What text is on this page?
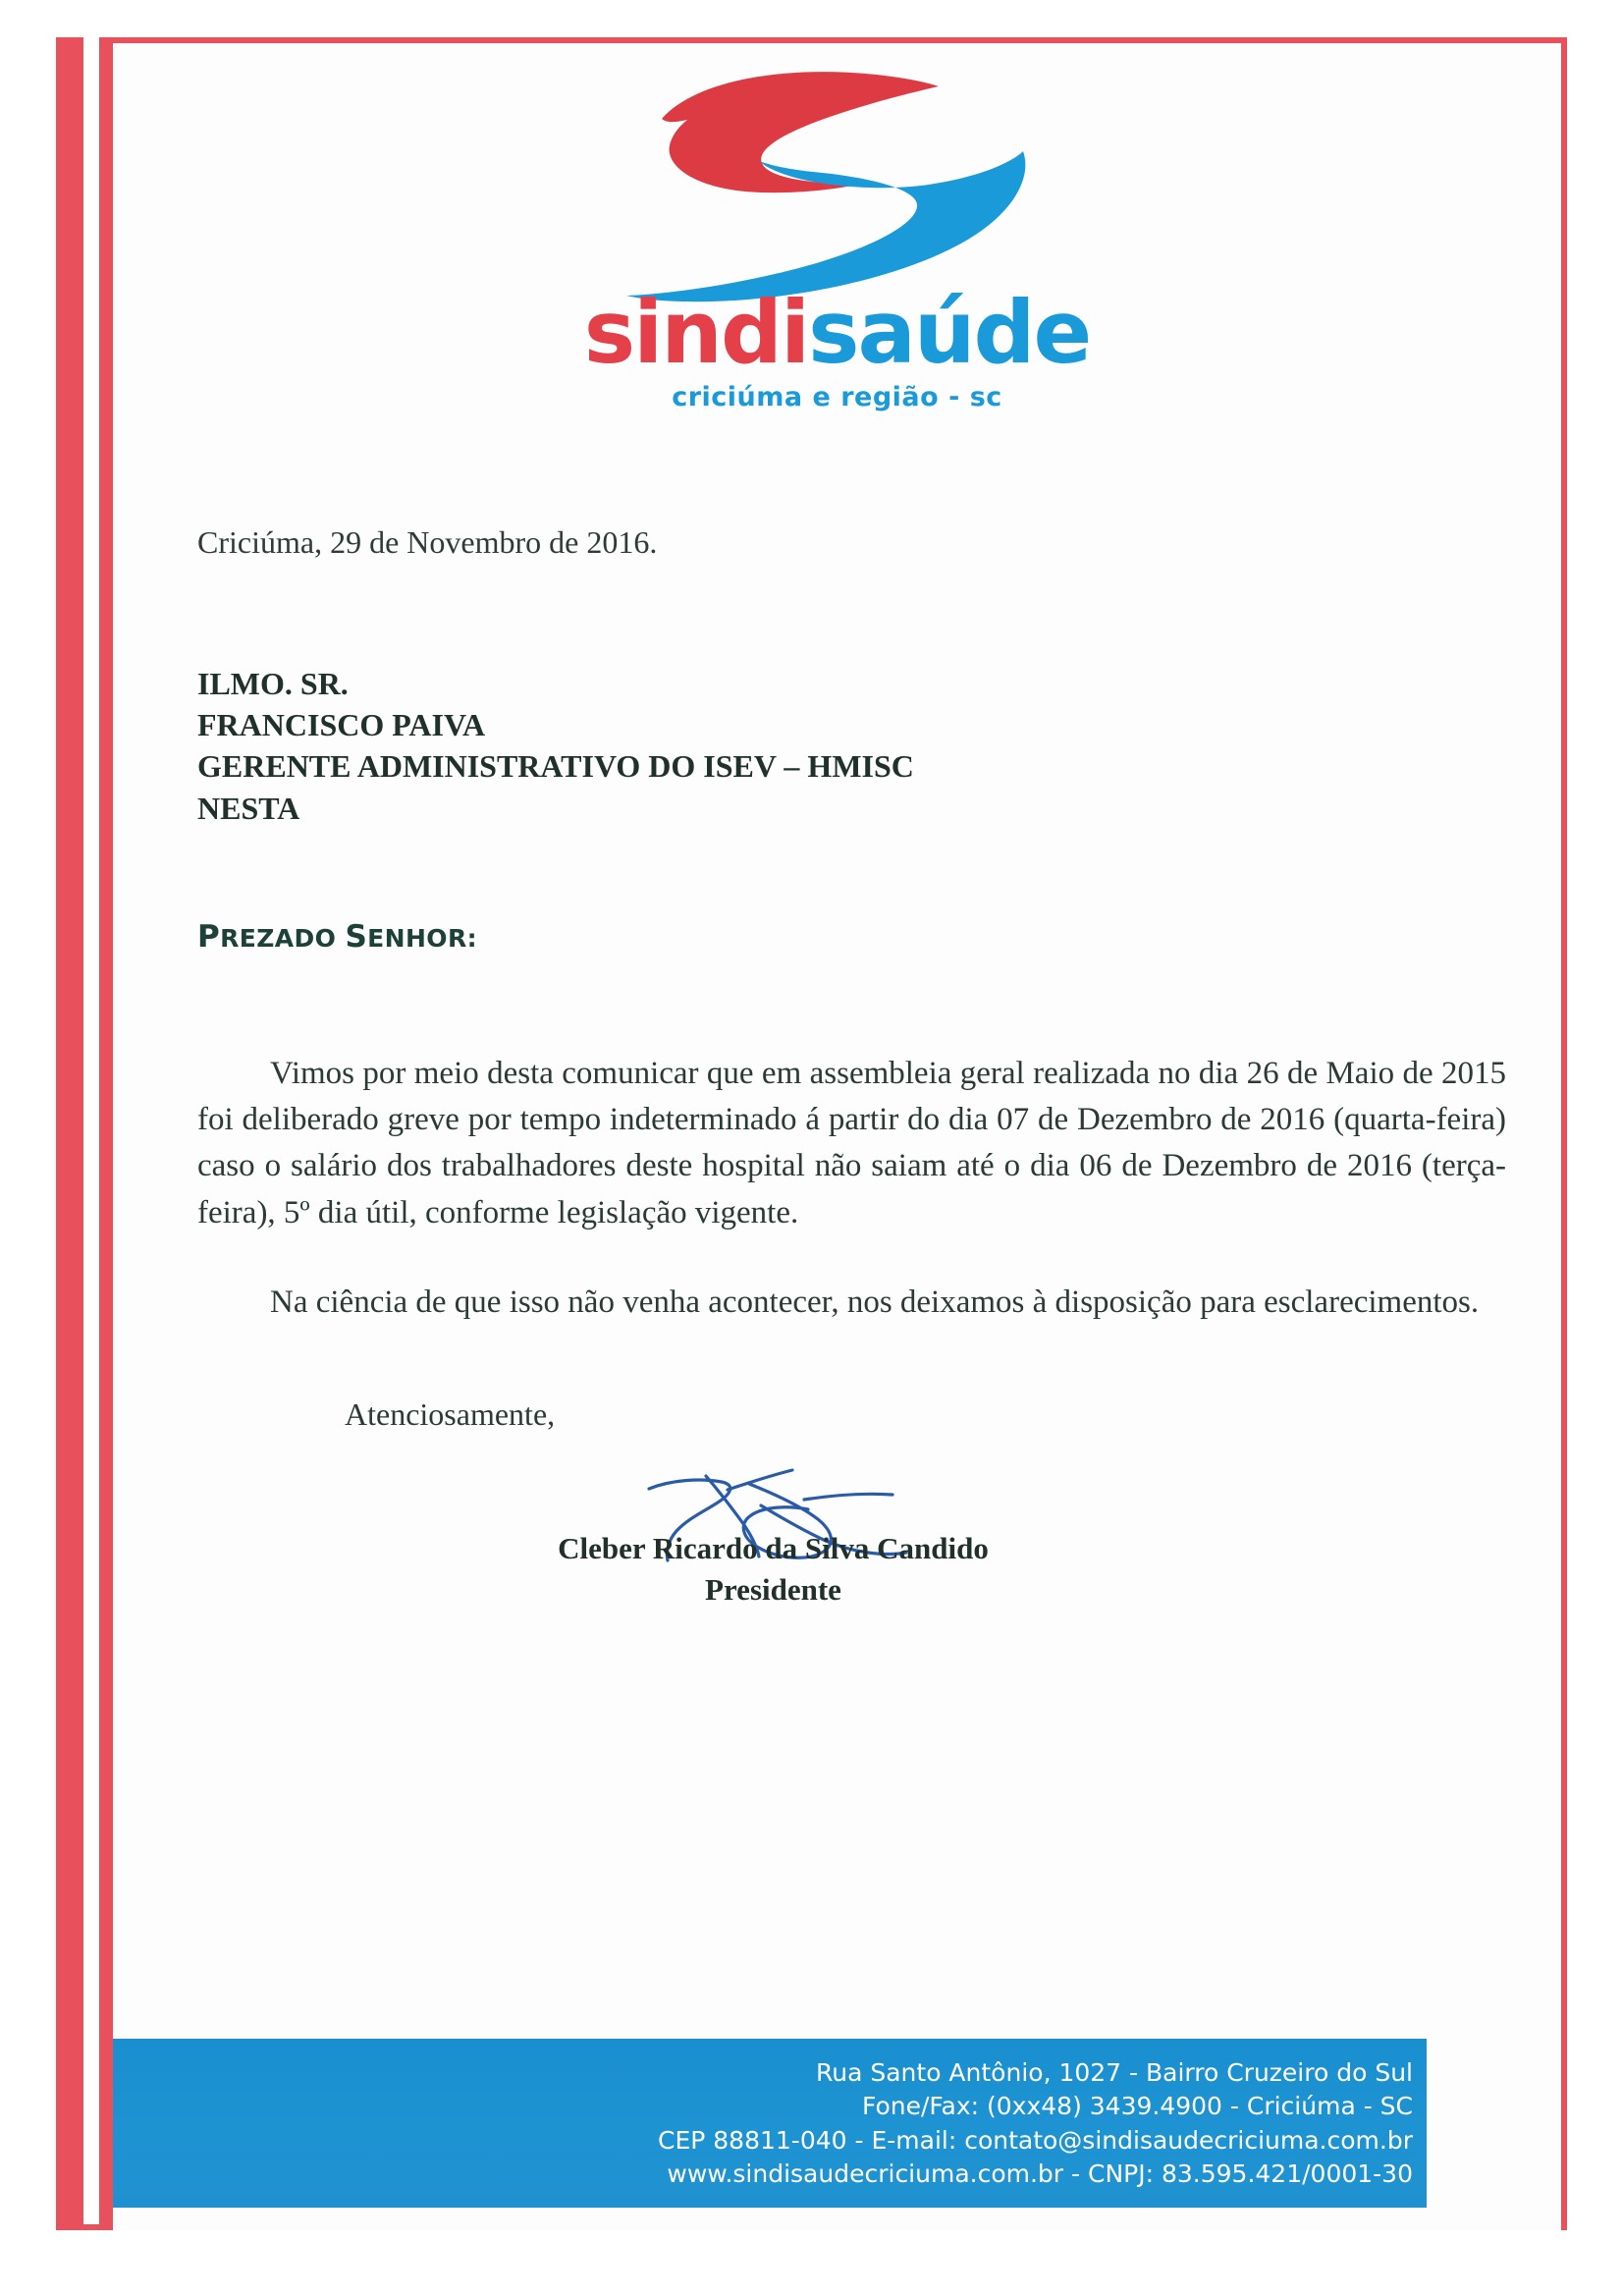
sindisaúde
criciúma e região - sc
Criciúma, 29 de Novembro de 2016.
ILMO. SR.
FRANCISCO PAIVA
GERENTE ADMINISTRATIVO DO ISEV – HMISC
NESTA
PREZADO SENHOR:

Vimos por meio desta comunicar que em assembleia geral realizada no dia 26 de Maio de 2015 foi deliberado greve por tempo indeterminado á partir do dia 07 de Dezembro de 2016 (quarta-feira) caso o salário dos trabalhadores deste hospital não saiam até o dia 06 de Dezembro de 2016 (terça-feira), 5º dia útil, conforme legislação vigente.

Na ciência de que isso não venha acontecer, nos deixamos à disposição para esclarecimentos.

Atenciosamente,
Cleber Ricardo da Silva Candido
Presidente
Rua Santo Antônio, 1027 - Bairro Cruzeiro do Sul
Fone/Fax: (0xx48) 3439.4900 - Criciúma - SC
CEP 88811-040 - E-mail: contato@sindisaudecriciuma.com.br
www.sindisaudecriciuma.com.br - CNPJ: 83.595.421/0001-30
